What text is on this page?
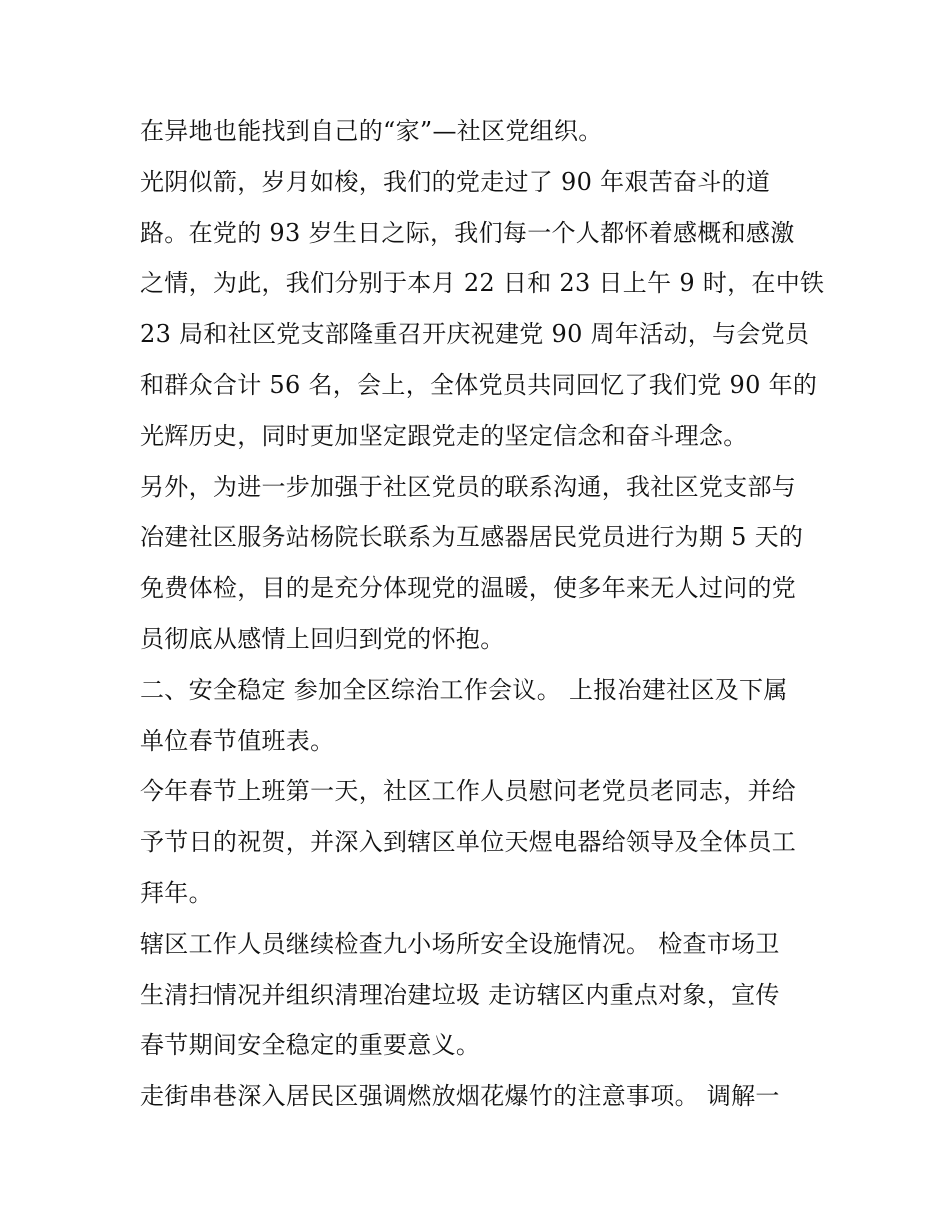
在异地也能找到自己的“家”—社区党组织。
光阴似箭，岁月如梭，我们的党走过了 90 年艰苦奋斗的道
路。在党的 93 岁生日之际，我们每一个人都怀着感概和感激
之情，为此，我们分别于本月 22 日和 23 日上午 9 时，在中铁
23 局和社区党支部隆重召开庆祝建党 90 周年活动，与会党员
和群众合计 56 名，会上，全体党员共同回忆了我们党 90 年的
光辉历史，同时更加坚定跟党走的坚定信念和奋斗理念。
另外，为进一步加强于社区党员的联系沟通，我社区党支部与
冶建社区服务站杨院长联系为互感器居民党员进行为期 5 天的
免费体检，目的是充分体现党的温暖，使多年来无人过问的党
员彻底从感情上回归到党的怀抱。
二、安全稳定 参加全区综治工作会议。 上报冶建社区及下属
单位春节值班表。
今年春节上班第一天，社区工作人员慰问老党员老同志，并给
予节日的祝贺，并深入到辖区单位天煜电器给领导及全体员工
拜年。
辖区工作人员继续检查九小场所安全设施情况。 检查市场卫
生清扫情况并组织清理冶建垃圾 走访辖区内重点对象，宣传
春节期间安全稳定的重要意义。
走街串巷深入居民区强调燃放烟花爆竹的注意事项。 调解一
